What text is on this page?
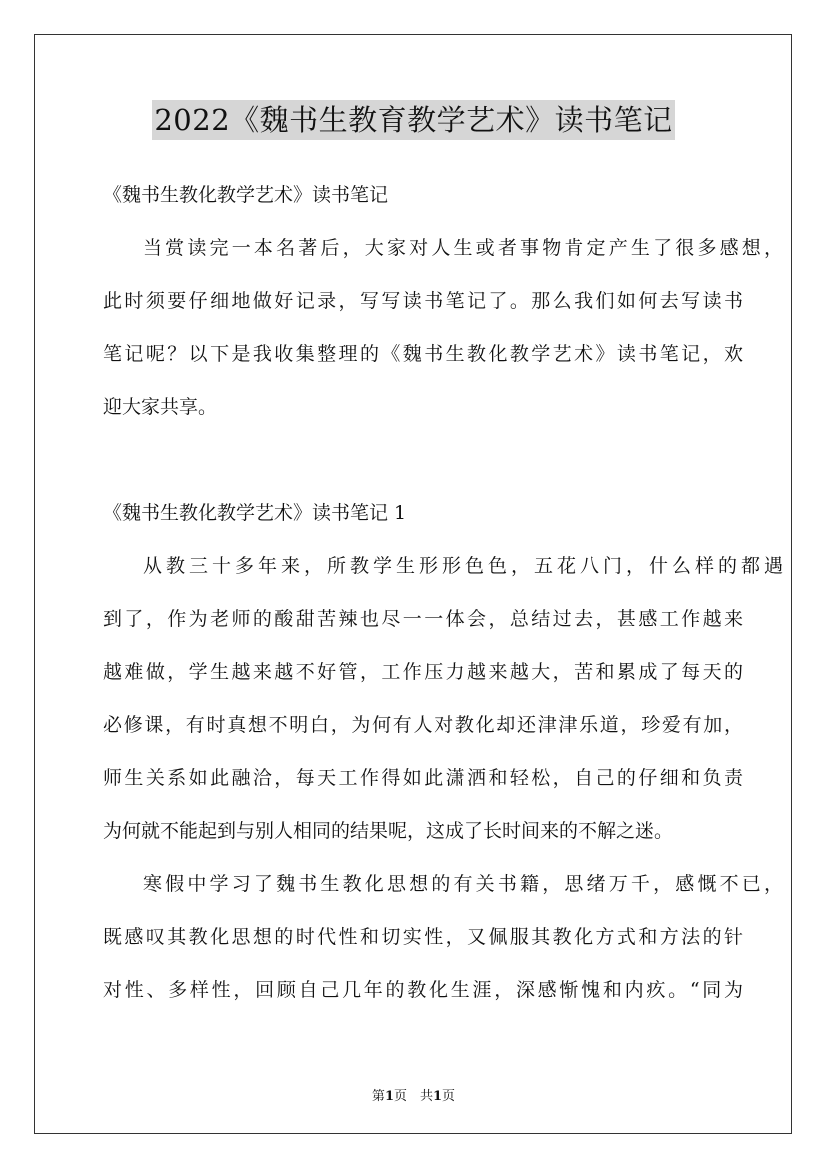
2022《魏书生教育教学艺术》读书笔记
《魏书生教化教学艺术》读书笔记
当赏读完一本名著后，大家对人生或者事物肯定产生了很多感想，
此时须要仔细地做好记录，写写读书笔记了。那么我们如何去写读书
笔记呢？以下是我收集整理的《魏书生教化教学艺术》读书笔记，欢
迎大家共享。
《魏书生教化教学艺术》读书笔记 1
从教三十多年来，所教学生形形色色，五花八门，什么样的都遇
到了，作为老师的酸甜苦辣也尽一一体会，总结过去，甚感工作越来
越难做，学生越来越不好管，工作压力越来越大，苦和累成了每天的
必修课，有时真想不明白，为何有人对教化却还津津乐道，珍爱有加，
师生关系如此融洽，每天工作得如此潇洒和轻松，自己的仔细和负责
为何就不能起到与别人相同的结果呢，这成了长时间来的不解之迷。
寒假中学习了魏书生教化思想的有关书籍，思绪万千，感慨不已，
既感叹其教化思想的时代性和切实性，又佩服其教化方式和方法的针
对性、多样性，回顾自己几年的教化生涯，深感惭愧和内疚。“同为
第1页　共1页
